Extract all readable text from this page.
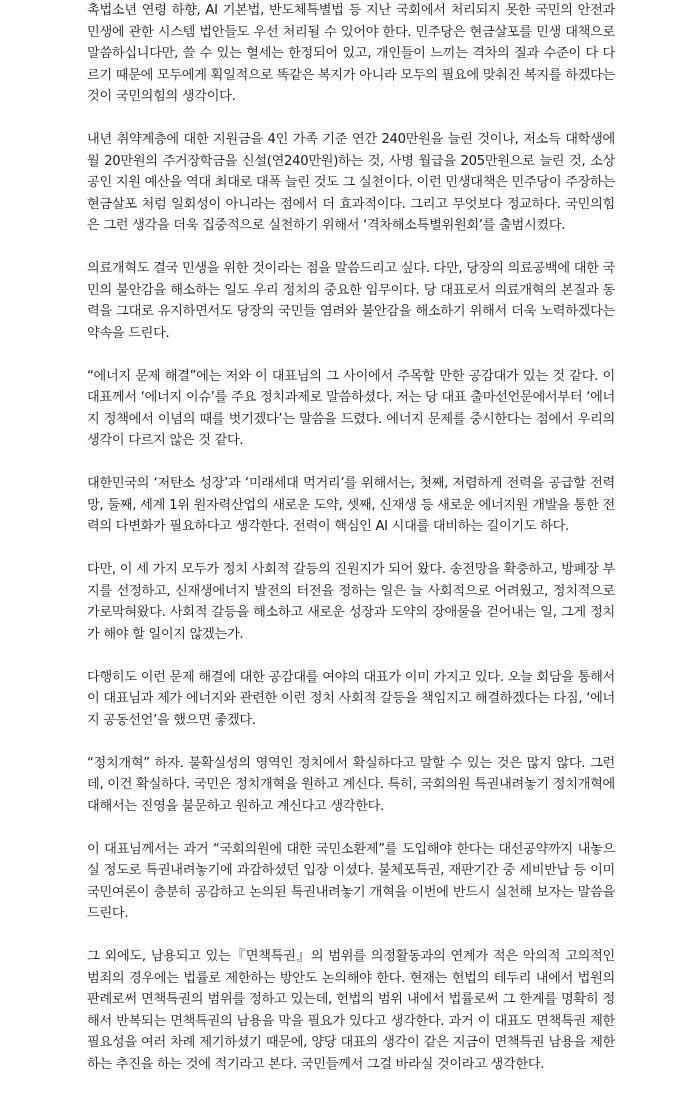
촉법소년 연령 하향, AI 기본법, 반도체특별법 등 지난 국회에서 처리되지 못한 국민의 안전과 민생에 관한 시스템 법안들도 우선 처리될 수 있어야 한다. 민주당은 현금살포를 민생 대책으로 말씀하십니다만, 쓸 수 있는 혈세는 한정되어 있고, 개인들이 느끼는 격차의 질과 수준이 다 다르기 때문에 모두에게 획일적으로 똑같은 복지가 아니라 모두의 필요에 맞춰진 복지를 하겠다는 것이 국민의힘의 생각이다.

내년 취약계층에 대한 지원금을 4인 가족 기준 연간 240만원을 늘린 것이나, 저소득 대학생에 월 20만원의 주거장학금을 신설(연240만원)하는 것, 사병 월급을 205만원으로 늘린 것, 소상공인 지원 예산을 역대 최대로 대폭 늘린 것도 그 실천이다. 이런 민생대책은 민주당이 주장하는 현금살포 처럼 일회성이 아니라는 점에서 더 효과적이다. 그리고 무엇보다 정교하다. 국민의힘은 그런 생각을 더욱 집중적으로 실천하기 위해서 ‘격차해소특별위원회’를 출범시켰다.

의료개혁도 결국 민생을 위한 것이라는 점을 말씀드리고 싶다. 다만, 당장의 의료공백에 대한 국민의 불안감을 해소하는 일도 우리 정치의 중요한 임무이다. 당 대표로서 의료개혁의 본질과 동력을 그대로 유지하면서도 당장의 국민들 염려와 불안감을 해소하기 위해서 더욱 노력하겠다는 약속을 드린다.

“에너지 문제 해결”에는 저와 이 대표님의 그 사이에서 주목할 만한 공감대가 있는 것 같다. 이 대표께서 ‘에너지 이슈’를 주요 정치과제로 말씀하셨다. 저는 당 대표 출마선언문에서부터 ‘에너지 정책에서 이념의 때를 벗기겠다’는 말씀을 드렸다. 에너지 문제를 중시한다는 점에서 우리의 생각이 다르지 않은 것 같다.

대한민국의 ‘저탄소 성장’과 ‘미래세대 먹거리’를 위해서는, 첫째, 저렴하게 전력을 공급할 전력망, 둘째, 세계 1위 원자력산업의 새로운 도약, 셋째, 신재생 등 새로운 에너지원 개발을 통한 전력의 다변화가 필요하다고 생각한다. 전력이 핵심인 AI 시대를 대비하는 길이기도 하다.

다만, 이 세 가지 모두가 정치 사회적 갈등의 진원지가 되어 왔다. 송전망을 확충하고, 방폐장 부지를 선정하고, 신재생에너지 발전의 터전을 정하는 일은 늘 사회적으로 어려웠고, 정치적으로 가로막혀왔다. 사회적 갈등을 해소하고 새로운 성장과 도약의 장애물을 걷어내는 일, 그게 정치가 해야 할 일이지 않겠는가.

다행히도 이런 문제 해결에 대한 공감대를 여야의 대표가 이미 가지고 있다. 오늘 회담을 통해서 이 대표님과 제가 에너지와 관련한 이런 정치 사회적 갈등을 책임지고 해결하겠다는 다짐, ‘에너지 공동선언’을 했으면 좋겠다.

“정치개혁” 하자. 불확실성의 영역인 정치에서 확실하다고 말할 수 있는 것은 많지 않다. 그런데, 이건 확실하다. 국민은 정치개혁을 원하고 계신다. 특히, 국회의원 특권내려놓기 정치개혁에 대해서는 진영을 불문하고 원하고 계신다고 생각한다.

이 대표님께서는 과거 “국회의원에 대한 국민소환제”를 도입해야 한다는 대선공약까지 내놓으실 정도로 특권내려놓기에 과감하셨던 입장 이셨다. 불체포특권, 재판기간 중 세비반납 등 이미 국민여론이 충분히 공감하고 논의된 특권내려놓기 개혁을 이번에 반드시 실천해 보자는 말씀을 드린다.

그 외에도, 남용되고 있는『면책특권』의 범위를 의정활동과의 연계가 적은 악의적 고의적인 범죄의 경우에는 법률로 제한하는 방안도 논의해야 한다. 현재는 헌법의 테두리 내에서 법원의 판례로써 면책특권의 범위를 정하고 있는데, 헌법의 범위 내에서 법률로써 그 한계를 명확히 정해서 반복되는 면책특권의 남용을 막을 필요가 있다고 생각한다. 과거 이 대표도 면책특권 제한 필요성을 여러 차례 제기하셨기 때문에, 양당 대표의 생각이 같은 지금이 면책특권 남용을 제한 하는 추진을 하는 것에 적기라고 본다. 국민들께서 그걸 바라실 것이라고 생각한다.
